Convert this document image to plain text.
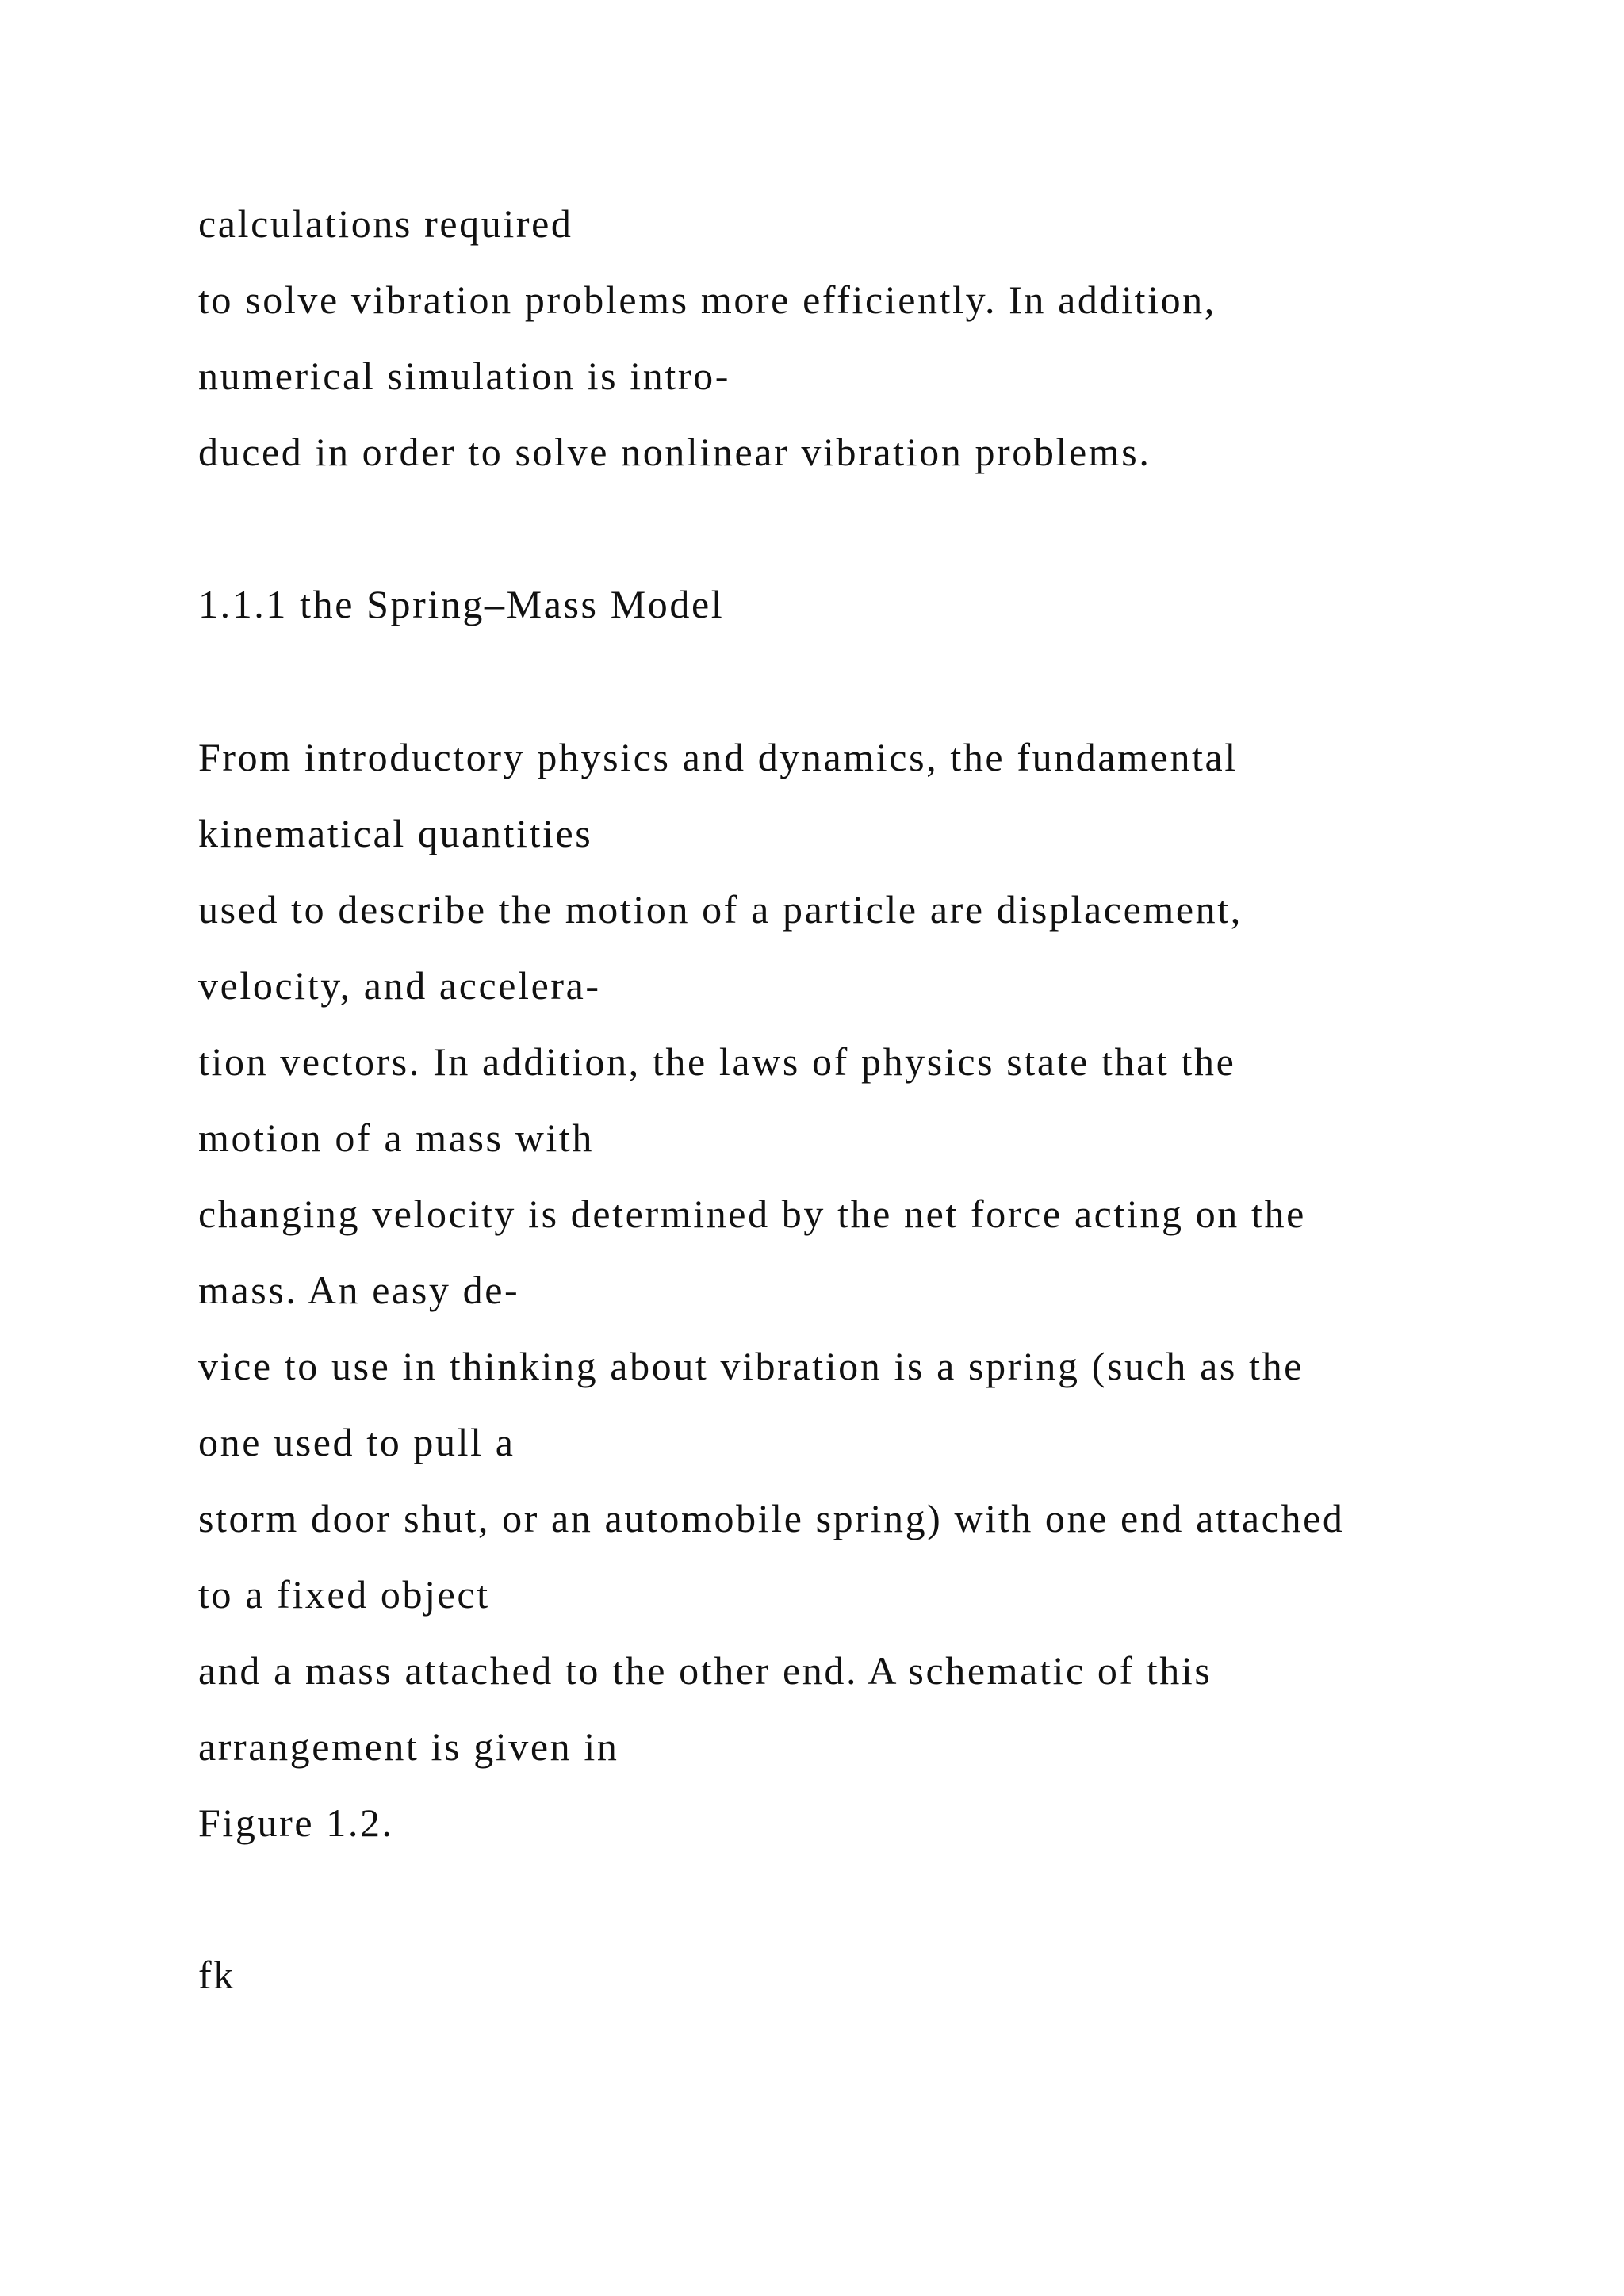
calculations required

to solve vibration problems more efficiently. In addition,

numerical simulation is intro-

duced in order to solve nonlinear vibration problems.

1.1.1 the Spring–Mass Model

From introductory physics and dynamics, the fundamental

kinematical quantities

used to describe the motion of a particle are displacement,

velocity, and accelera-

tion vectors. In addition, the laws of physics state that the

motion of a mass with

changing velocity is determined by the net force acting on the

mass. An easy de-

vice to use in thinking about vibration is a spring (such as the

one used to pull a

storm door shut, or an automobile spring) with one end attached

to a fixed object

and a mass attached to the other end. A schematic of this

arrangement is given in

Figure 1.2.

fk
